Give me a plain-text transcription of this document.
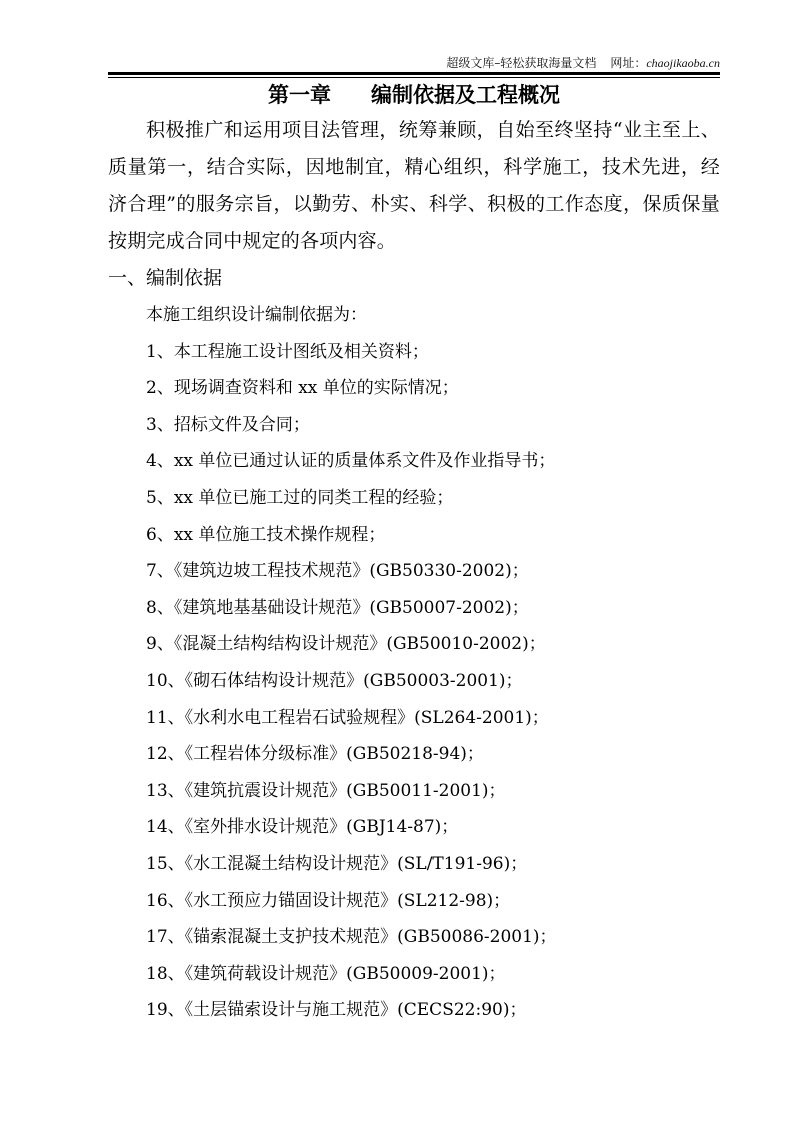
超级文库–轻松获取海量文档 网址：chaojikaoba.cn
第一章 编制依据及工程概况

积极推广和运用项目法管理，统筹兼顾，自始至终坚持“业主至上、质量第一，结合实际，因地制宜，精心组织，科学施工，技术先进，经济合理”的服务宗旨，以勤劳、朴实、科学、积极的工作态度，保质保量按期完成合同中规定的各项内容。

一、编制依据

本施工组织设计编制依据为：
1、本工程施工设计图纸及相关资料；
2、现场调查资料和 xx 单位的实际情况；
3、招标文件及合同；
4、xx 单位已通过认证的质量体系文件及作业指导书；
5、xx 单位已施工过的同类工程的经验；
6、xx 单位施工技术操作规程；
7、《建筑边坡工程技术规范》(GB50330-2002)；
8、《建筑地基基础设计规范》(GB50007-2002)；
9、《混凝土结构结构设计规范》(GB50010-2002)；
10、《砌石体结构设计规范》(GB50003-2001)；
11、《水利水电工程岩石试验规程》(SL264-2001)；
12、《工程岩体分级标准》(GB50218-94)；
13、《建筑抗震设计规范》(GB50011-2001)；
14、《室外排水设计规范》(GBJ14-87)；
15、《水工混凝土结构设计规范》(SL/T191-96)；
16、《水工预应力锚固设计规范》(SL212-98)；
17、《锚索混凝土支护技术规范》(GB50086-2001)；
18、《建筑荷载设计规范》(GB50009-2001)；
19、《土层锚索设计与施工规范》(CECS22:90)；
